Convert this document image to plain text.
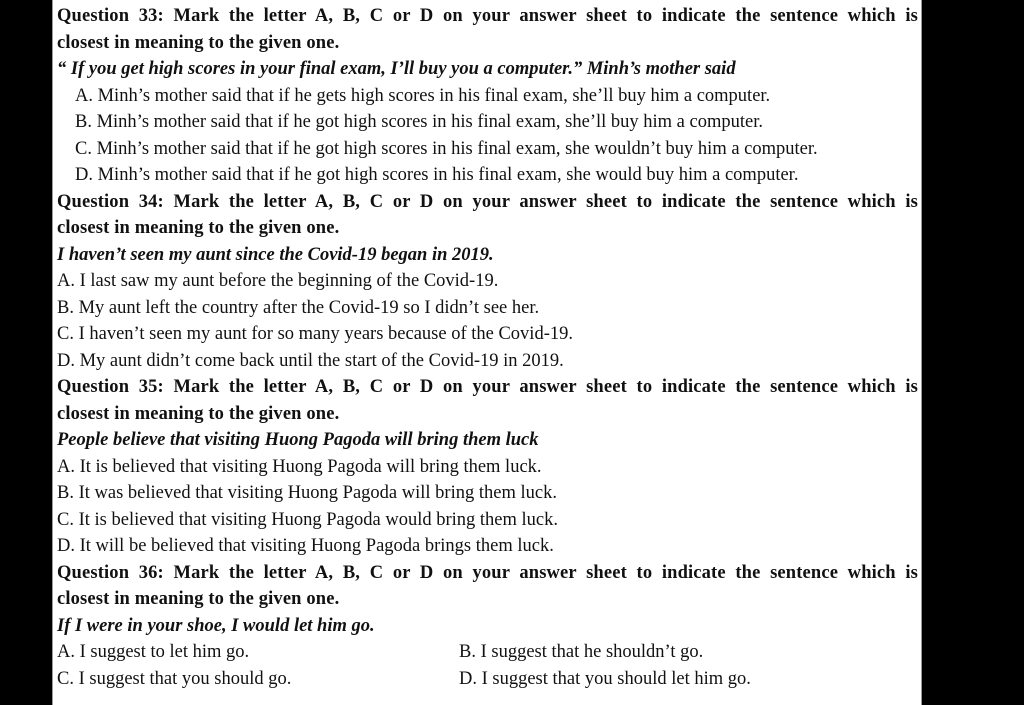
Question 33: Mark the letter A, B, C or D on your answer sheet to indicate the sentence which is
closest in meaning to the given one.
“ If you get high scores in your final exam, I’ll buy you a computer.” Minh’s mother said
A. Minh’s mother said that if he gets high scores in his final exam, she’ll buy him a computer.
B. Minh’s mother said that if he got high scores in his final exam, she’ll buy him a computer.
C. Minh’s mother said that if he got high scores in his final exam, she wouldn’t buy him a computer.
D. Minh’s mother said that if he got high scores in his final exam, she would buy him a computer.
Question 34: Mark the letter A, B, C or D on your answer sheet to indicate the sentence which is
closest in meaning to the given one.
I haven’t seen my aunt since the Covid-19 began in 2019.
A. I last saw my aunt before the beginning of the Covid-19.
B. My aunt left the country after the Covid-19 so I didn’t see her.
C. I haven’t seen my aunt for so many years because of the Covid-19.
D. My aunt didn’t come back until the start of the Covid-19 in 2019.
Question 35: Mark the letter A, B, C or D on your answer sheet to indicate the sentence which is
closest in meaning to the given one.
People believe that visiting Huong Pagoda will bring them luck
A. It is believed that visiting Huong Pagoda will bring them luck.
B. It was believed that visiting Huong Pagoda will bring them luck.
C. It is believed that visiting Huong Pagoda would bring them luck.
D. It will be believed that visiting Huong Pagoda brings them luck.
Question 36: Mark the letter A, B, C or D on your answer sheet to indicate the sentence which is
closest in meaning to the given one.
If I were in your shoe, I would let him go.
A. I suggest to let him go.	B. I suggest that he shouldn’t go.
C. I suggest that you should go.	D. I suggest that you should let him go.
